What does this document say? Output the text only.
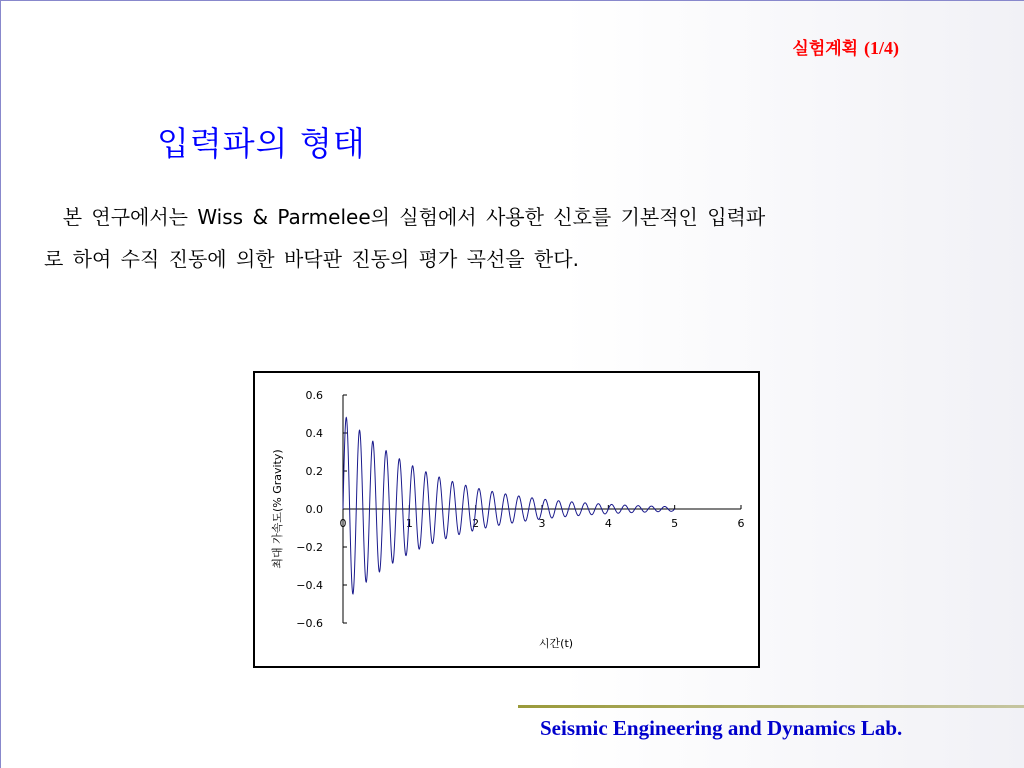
실험계획 (1/4)
입력파의 형태

본 연구에서는 Wiss & Parmelee의 실험에서 사용한 신호를 기본적인 입력파

로 하여 수직 진동에 의한 바닥판 진동의 평가 곡선을 한다.

0.6
0.4
0.2
0.0
−0.2
−0.4
−0.6
0	1	2	3	4	5	6
시간(t)
최대 가속도(% Gravity)
Seismic Engineering and Dynamics Lab.
